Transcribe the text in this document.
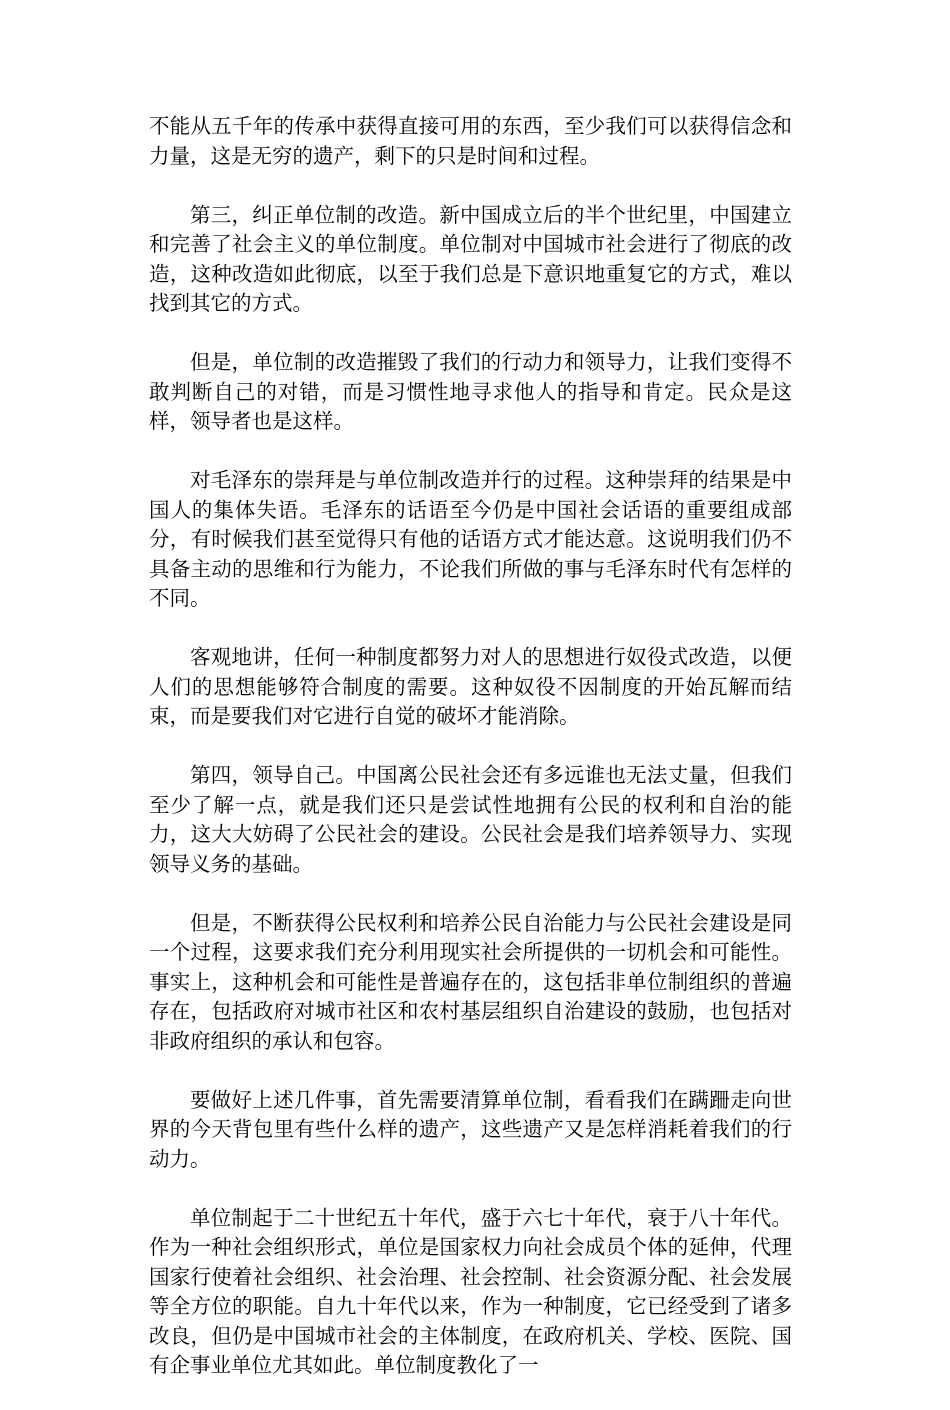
不能从五千年的传承中获得直接可用的东西，至少我们可以获得信念和力量，这是无穷的遗产，剩下的只是时间和过程。

第三，纠正单位制的改造。新中国成立后的半个世纪里，中国建立和完善了社会主义的单位制度。单位制对中国城市社会进行了彻底的改造，这种改造如此彻底，以至于我们总是下意识地重复它的方式，难以找到其它的方式。

但是，单位制的改造摧毁了我们的行动力和领导力，让我们变得不敢判断自己的对错，而是习惯性地寻求他人的指导和肯定。民众是这样，领导者也是这样。

对毛泽东的崇拜是与单位制改造并行的过程。这种崇拜的结果是中国人的集体失语。毛泽东的话语至今仍是中国社会话语的重要组成部分，有时候我们甚至觉得只有他的话语方式才能达意。这说明我们仍不具备主动的思维和行为能力，不论我们所做的事与毛泽东时代有怎样的不同。

客观地讲，任何一种制度都努力对人的思想进行奴役式改造，以便人们的思想能够符合制度的需要。这种奴役不因制度的开始瓦解而结束，而是要我们对它进行自觉的破坏才能消除。

第四，领导自己。中国离公民社会还有多远谁也无法丈量，但我们至少了解一点，就是我们还只是尝试性地拥有公民的权利和自治的能力，这大大妨碍了公民社会的建设。公民社会是我们培养领导力、实现领导义务的基础。

但是，不断获得公民权利和培养公民自治能力与公民社会建设是同一个过程，这要求我们充分利用现实社会所提供的一切机会和可能性。事实上，这种机会和可能性是普遍存在的，这包括非单位制组织的普遍存在，包括政府对城市社区和农村基层组织自治建设的鼓励，也包括对非政府组织的承认和包容。

要做好上述几件事，首先需要清算单位制，看看我们在蹒跚走向世界的今天背包里有些什么样的遗产，这些遗产又是怎样消耗着我们的行动力。

单位制起于二十世纪五十年代，盛于六七十年代，衰于八十年代。作为一种社会组织形式，单位是国家权力向社会成员个体的延伸，代理国家行使着社会组织、社会治理、社会控制、社会资源分配、社会发展等全方位的职能。自九十年代以来，作为一种制度，它已经受到了诸多改良，但仍是中国城市社会的主体制度，在政府机关、学校、医院、国有企事业单位尤其如此。单位制度教化了一
